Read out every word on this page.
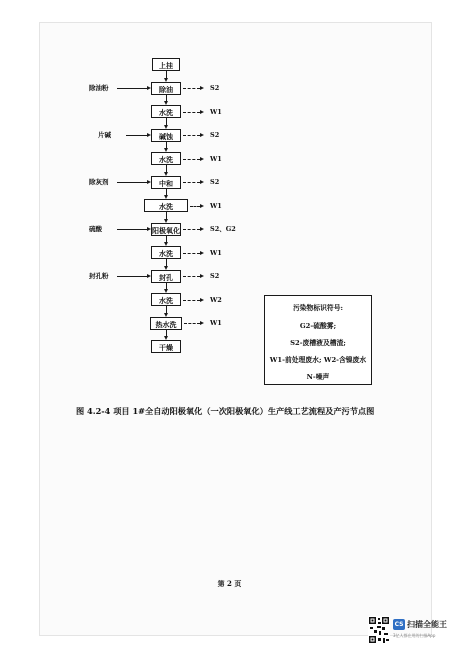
上挂
除油
除油粉
水洗
碱蚀
片碱
水洗
中和
除灰剂
水洗
阳极氧化
硫酸
水洗
封孔
封孔粉
水洗
热水洗
干燥
S2
W1
S2
W1
S2
W1
S2、G2
W1
S2
W2
W1
污染物标识符号:
G2-硫酸雾;
S2-废槽液及槽渣;
W1-前处理废水; W2-含镍废水
N-噪声
图 4.2-4 项目 1#全自动阳极氧化（一次阳极氧化）生产线工艺流程及产污节点图
第 2 页
CS 扫描全能王
3亿人都在用的扫描App
